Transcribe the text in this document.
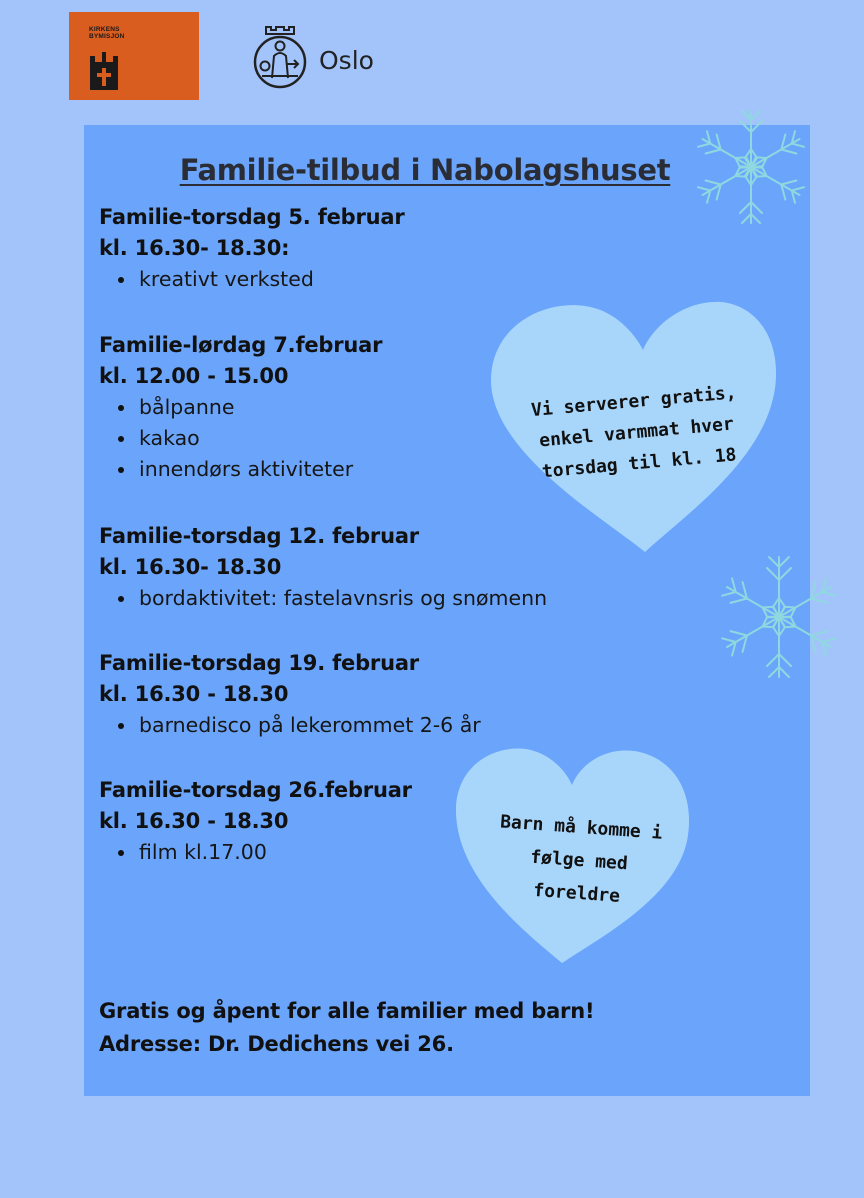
KIRKENS
BYMISJON
Oslo
Familie-tilbud i Nabolagshuset
Familie-torsdag 5. februar
kl. 16.30- 18.30:
kreativt verksted
Familie-lørdag 7.februar
kl. 12.00 - 15.00
bålpanne
kakao
innendørs aktiviteter
Familie-torsdag 12. februar
kl. 16.30- 18.30
bordaktivitet: fastelavnsris og snømenn
Familie-torsdag 19. februar
kl. 16.30 - 18.30
barnedisco på lekerommet 2-6 år
Familie-torsdag 26.februar
kl. 16.30 - 18.30
film kl.17.00
Vi serverer gratis,
enkel varmmat hver
torsdag til kl. 18
Barn må komme i
følge med
foreldre
Gratis og åpent for alle familier med barn!
Adresse: Dr. Dedichens vei 26.
